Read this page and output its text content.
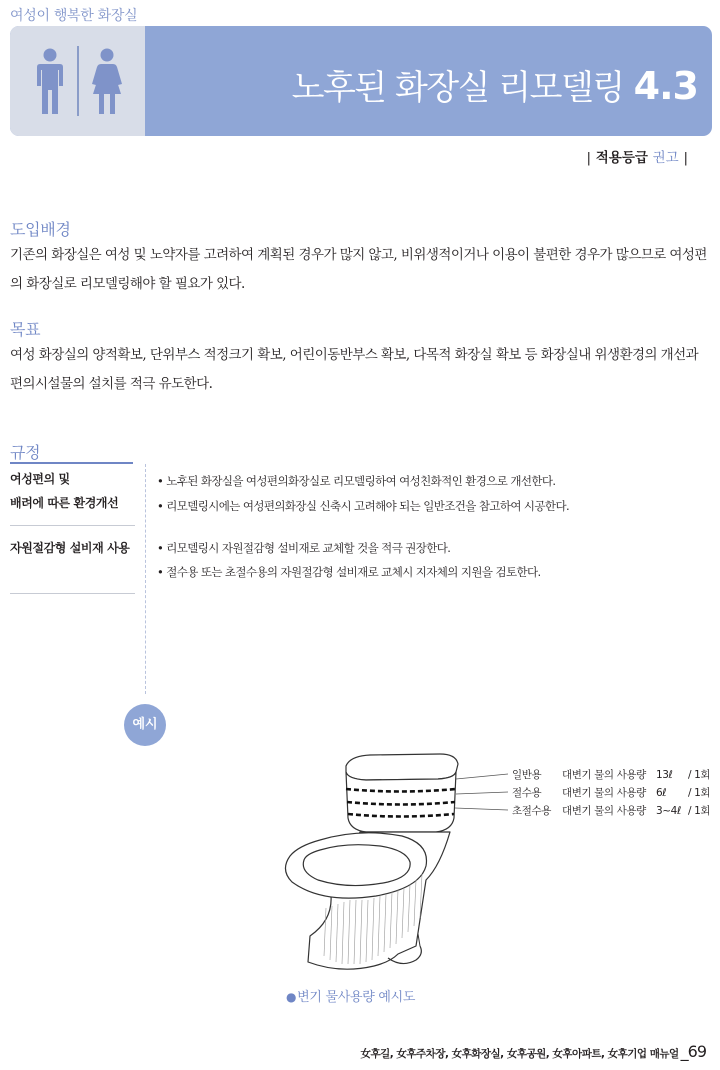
여성이 행복한 화장실
노후된 화장실 리모델링 4.3
| 적용등급 권고 |
도입배경
기존의 화장실은 여성 및 노약자를 고려하여 계획된 경우가 많지 않고, 비위생적이거나 이용이 불편한 경우가 많으므로 여성편의 화장실로 리모델링해야 할 필요가 있다.
목표
여성 화장실의 양적확보, 단위부스 적정크기 확보, 어린이동반부스 확보, 다목적 화장실 확보 등 화장실내 위생환경의 개선과 편의시설물의 설치를 적극 유도한다.
규정
여성편의 및
배려에 따른 환경개선
• 노후된 화장실을 여성편의화장실로 리모델링하여 여성친화적인 환경으로 개선한다.
• 리모델링시에는 여성편의화장실 신축시 고려해야 되는 일반조건을 참고하여 시공한다.
자원절감형 설비재 사용 • 리모델링시 자원절감형 설비재로 교체할 것을 적극 권장한다.
• 절수용 또는 초절수용의 자원절감형 설비재로 교체시 지자체의 지원을 검토한다.
예시
일반용 대변기 물의 사용량 13ℓ / 1회
절수용 대변기 물의 사용량 6ℓ / 1회
초절수용 대변기 물의 사용량 3~4ℓ / 1회
●변기 물사용량 예시도
女후길, 女후주차장, 女후화장실, 女후공원, 女후아파트, 女후기업 매뉴얼 _69
